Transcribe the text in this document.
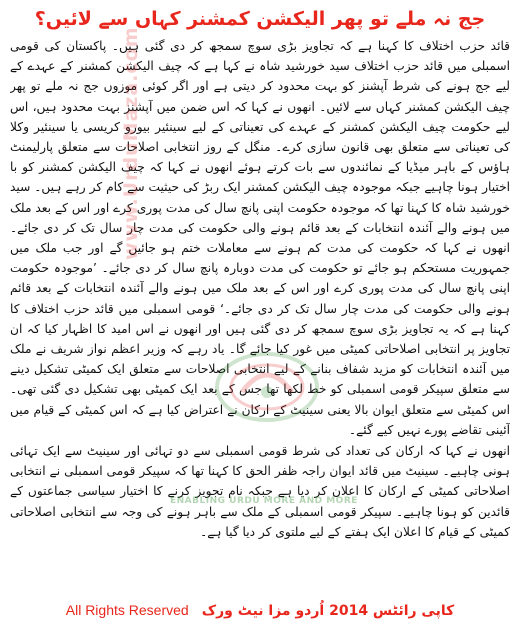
جج نہ ملے تو پھر الیکشن کمشنر کہاں سے لائیں؟

قائد حزب اختلاف کا کہنا ہے کہ تجاویز بڑی سوچ سمجھ کر دی گئی ہیں۔ پاکستان کی قومی اسمبلی میں قائد حزب اختلاف سید خورشید شاہ نے کہا ہے کہ چیف الیکشن کمشنر کے عہدے کے لیے جج ہونے کی شرط آپشنز کو بہت محدود کر دیتی ہے اور اگر کوئی موزوں جج نہ ملے تو پھر چیف الیکشن کمشنر کہاں سے لائیں۔ انھوں نے کہا کہ اس ضمن میں آپشنز بہت محدود ہیں، اس لیے حکومت چیف الیکشن کمشنر کے عہدے کی تعیناتی کے لیے سینئیر بیورو کریسی یا سینئیر وکلا کی تعیناتی سے متعلق بھی قانون سازی کرے۔ منگل کے روز انتخابی اصلاحات سے متعلق پارلیمنٹ ہاؤس کے باہر میڈیا کے نمائندوں سے بات کرتے ہوئے انھوں نے کہا کہ چیف الیکشن کمشنر کو با اختیار ہونا چاہیے جبکہ موجودہ چیف الیکشن کمشنر ایک ربڑ کی حیثیت سے کام کر رہے ہیں۔ سید خورشید شاہ کا کہنا تھا کہ موجودہ حکومت اپنی پانچ سال کی مدت پوری کرے اور اس کے بعد ملک میں ہونے والے آئندہ انتخابات کے بعد قائم ہونے والی حکومت کی مدت چار سال تک کر دی جائے۔ انھوں نے کہا کہ حکومت کی مدت کم ہونے سے معاملات ختم ہو جائیں گے اور جب ملک میں جمہوریت مستحکم ہو جائے تو حکومت کی مدت دوبارہ پانچ سال کر دی جائے۔ ’موجودہ حکومت اپنی پانچ سال کی مدت پوری کرے اور اس کے بعد ملک میں ہونے والے آئندہ انتخابات کے بعد قائم ہونے والی حکومت کی مدت چار سال تک کر دی جائے۔‘ قومی اسمبلی میں قائد حزب اختلاف کا کہنا ہے کہ یہ تجاویز بڑی سوچ سمجھ کر دی گئی ہیں اور انھوں نے اس امید کا اظہار کیا کہ ان تجاویز پر انتخابی اصلاحاتی کمیٹی میں غور کیا جائے گا۔ یاد رہے کہ وزیر اعظم نواز شریف نے ملک میں آئندہ انتخابات کو مزید شفاف بنانے کے لیے انتخابی اصلاحات سے متعلق ایک کمیٹی تشکیل دینے سے متعلق سپیکر قومی اسمبلی کو خط لکھا تھا جس کے بعد ایک کمیٹی بھی تشکیل دی گئی تھی۔ اس کمیٹی سے متعلق ایوان بالا یعنی سینیٹ کے ارکان نے اعتراض کیا ہے کہ اس کمیٹی کے قیام میں آئینی تقاضے پورے نہیں کیے گئے۔

انھوں نے کہا کہ ارکان کی تعداد کی شرط قومی اسمبلی سے دو تہائی اور سینیٹ سے ایک تہائی ہونی چاہیے۔ سینیٹ میں قائد ایوان راجہ ظفر الحق کا کہنا تھا کہ سپیکر قومی اسمبلی نے انتخابی اصلاحاتی کمیٹی کے ارکان کا اعلان کر دیا ہے جبکہ نام تجویز کرنے کا اختیار سیاسی جماعتوں کے قائدین کو ہونا چاہیے۔ سپیکر قومی اسمبلی کے ملک سے باہر ہونے کی وجہ سے انتخابی اصلاحاتی کمیٹی کے قیام کا اعلان ایک ہفتے کے لیے ملتوی کر دیا گیا ہے۔

www.UrduMaza.com
ENABLING URDU MORE AND MORE
All Rights Reserved کاپی رائٹس 2014 اُردو مزا نیٹ ورک
